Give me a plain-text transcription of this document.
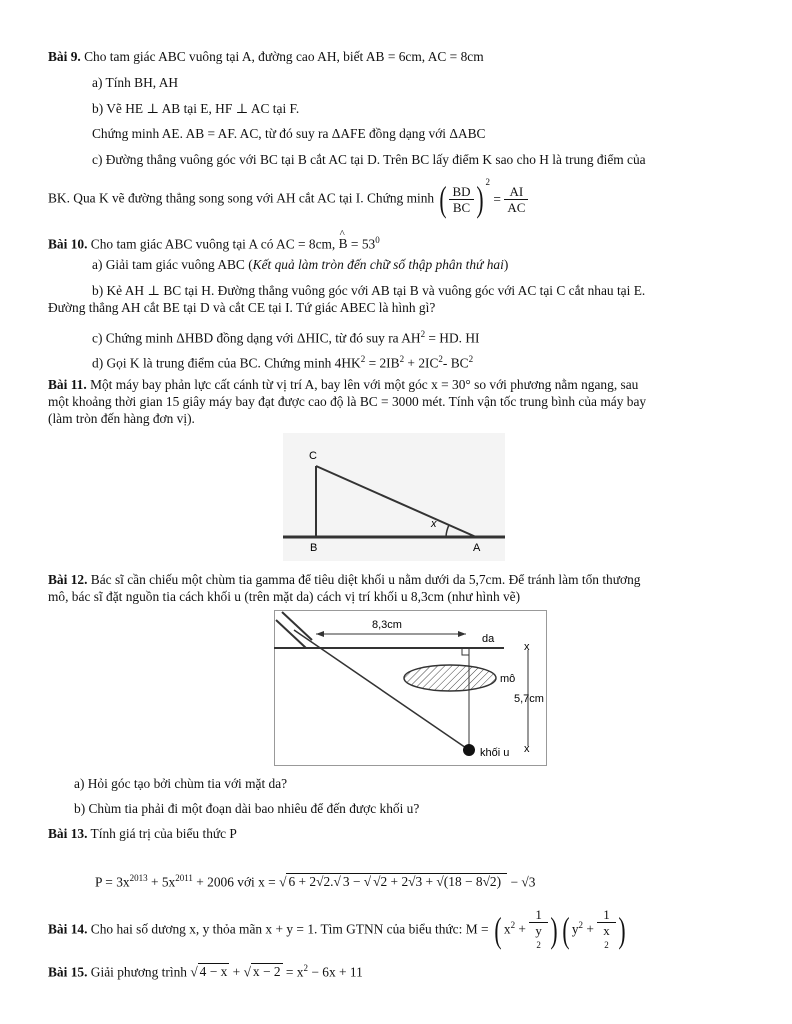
Bài 9. Cho tam giác ABC vuông tại A, đường cao AH, biết AB = 6cm, AC = 8cm
a) Tính BH, AH
b) Vẽ HE ⊥ AB tại E, HF ⊥ AC tại F.
Chứng minh AE. AB = AF. AC, từ đó suy ra ΔAFE đồng dạng với ΔABC
c) Đường thẳng vuông góc với BC tại B cắt AC tại D. Trên BC lấy điểm K sao cho H là trung điểm của
BK. Qua K vẽ đường thẳng song song với AH cắt AC tại I. Chứng minh ( $\frac{BD}{BC}$ ) $^2 = \frac{AI}{AC}$
Bài 10. Cho tam giác ABC vuông tại A có AC = 8cm, ^ $B = 53^0$
a) Giải tam giác vuông ABC (Kết quả làm tròn đến chữ số thập phân thứ hai)
b) Kẻ AH ⊥ BC tại H. Đường thẳng vuông góc với AB tại B và vuông góc với AC tại C cắt nhau tại E.
Đường thẳng AH cắt BE tại D và cắt CE tại I. Tứ giác ABEC là hình gì?
c) Chứng minh ΔHBD đồng dạng với ΔHIC, từ đó suy ra $AH^2$ = HD. HI
d) Gọi K là trung điểm của BC. Chứng minh $4HK^2 = 2IB^2 + 2IC^2-$ $BC^2$
Bài 11. Một máy bay phản lực cất cánh từ vị trí A, bay lên với một góc x = 30° so với phương nằm ngang, sau
một khoảng thời gian 15 giây máy bay đạt được cao độ là BC = 3000 mét. Tính vận tốc trung bình của máy bay
(làm tròn đến hàng đơn vị).
C
B	A
x
Bài 12. Bác sĩ cần chiếu một chùm tia gamma để tiêu diệt khối u nằm dưới da 5,7cm. Để tránh làm tổn thương
mô, bác sĩ đặt nguồn tia cách khối u (trên mặt da) cách vị trí khối u 8,3cm (như hình vẽ)
8,3cm
da
mô
khối u
x
5,7cm
x
a) Hỏi góc tạo bởi chùm tia với mặt da?
b) Chùm tia phải đi một đoạn dài bao nhiêu để đến được khối u?
Bài 13. Tính giá trị của biểu thức P
$P = 3x^{2013} + 5x^{2011} + 2006$ với x = √ 6 + 2√2.√ 3 − √ √2 + 2√3 + √(18 − 8√2) − √3
Bài 14. Cho hai số dương x, y thỏa mãn x + y = 1. Tìm GTNN của biểu thức: M = ( $x^2 + 1$
y
2 ) ( $y^2 + 1$
x
2 )
Bài 15. Giải phương trình √ 4 − x + √ $x - 2 = x^2 - 6x + 11$
